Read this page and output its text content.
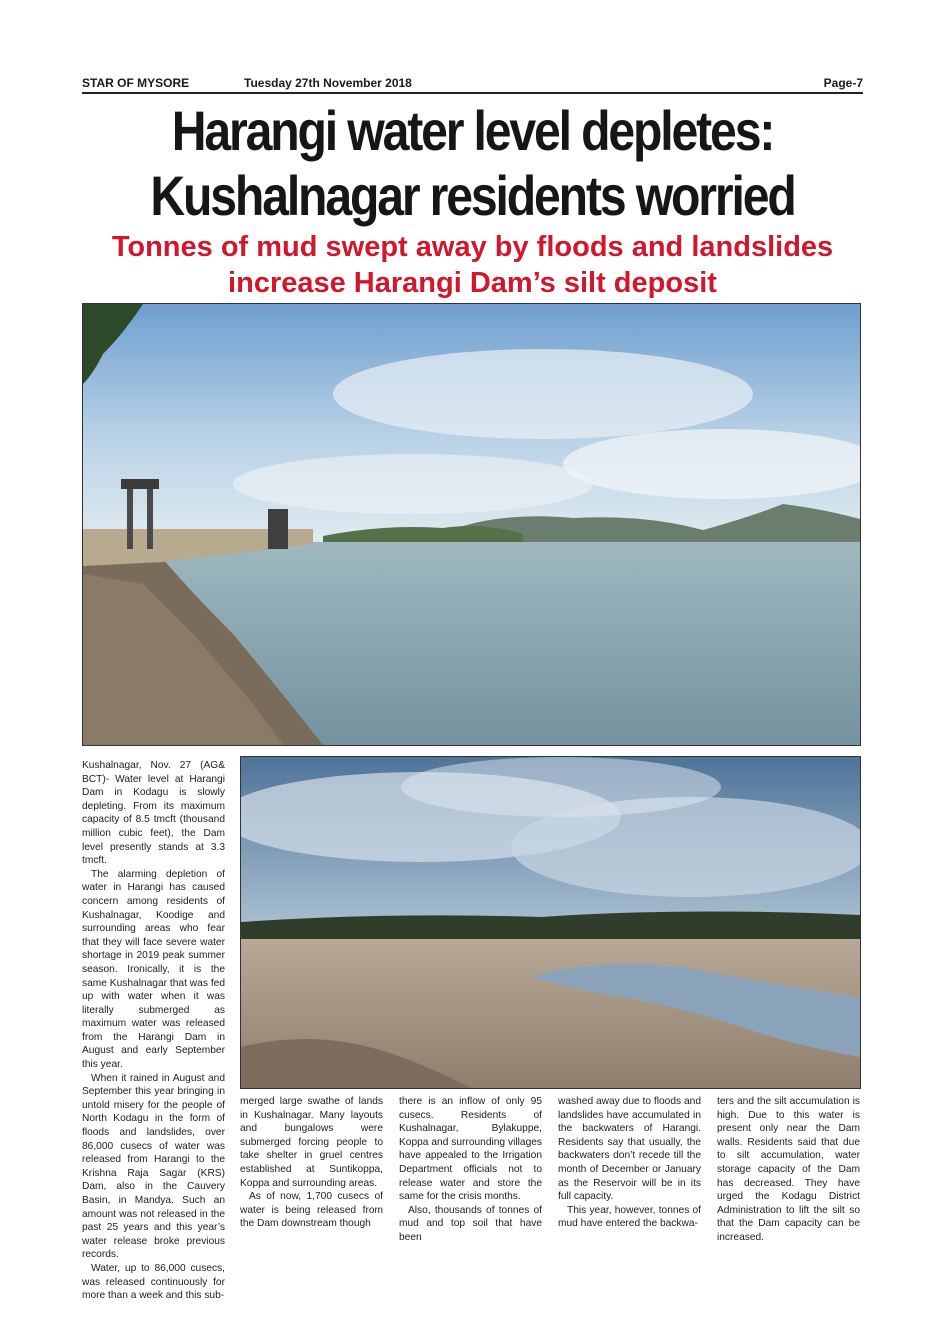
STAR OF MYSORE	Tuesday 27th November 2018	Page-7
Harangi water level depletes:
Kushalnagar residents worried
Tonnes of mud swept away by floods and landslides
increase Harangi Dam’s silt deposit

Kushalnagar, Nov. 27 (AG& BCT)- Water level at Harangi Dam in Kodagu is slowly depleting. From its maximum capacity of 8.5 tmcft (thousand million cubic feet), the Dam level presently stands at 3.3 tmcft.

The alarming depletion of water in Harangi has caused concern among residents of Kushalnagar, Koodige and surrounding areas who fear that they will face severe water shortage in 2019 peak summer season. Ironically, it is the same Kushalnagar that was fed up with water when it was literally submerged as maximum water was released from the Harangi Dam in August and early September this year.

When it rained in August and September this year bringing in untold misery for the people of North Kodagu in the form of floods and landslides, over 86,000 cusecs of water was released from Harangi to the Krishna Raja Sagar (KRS) Dam, also in the Cauvery Basin, in Mandya. Such an amount was not released in the past 25 years and this year’s water release broke previous records.

Water, up to 86,000 cusecs, was released continuously for more than a week and this sub-

merged large swathe of lands in Kushalnagar. Many layouts and bungalows were submerged forcing people to take shelter in gruel centres established at Suntikoppa, Koppa and surrounding areas.

As of now, 1,700 cusecs of water is being released from the Dam downstream though

there is an inflow of only 95 cusecs. Residents of Kushalnagar, Bylakuppe, Koppa and surrounding villages have appealed to the Irrigation Department officials not to release water and store the same for the crisis months.

Also, thousands of tonnes of mud and top soil that have been

washed away due to floods and landslides have accumulated in the backwaters of Harangi. Residents say that usually, the backwaters don’t recede till the month of December or January as the Reservoir will be in its full capacity.

This year, however, tonnes of mud have entered the backwa-

ters and the silt accumulation is high. Due to this water is present only near the Dam walls. Residents said that due to silt accumulation, water storage capacity of the Dam has decreased. They have urged the Kodagu District Administration to lift the silt so that the Dam capacity can be increased.
